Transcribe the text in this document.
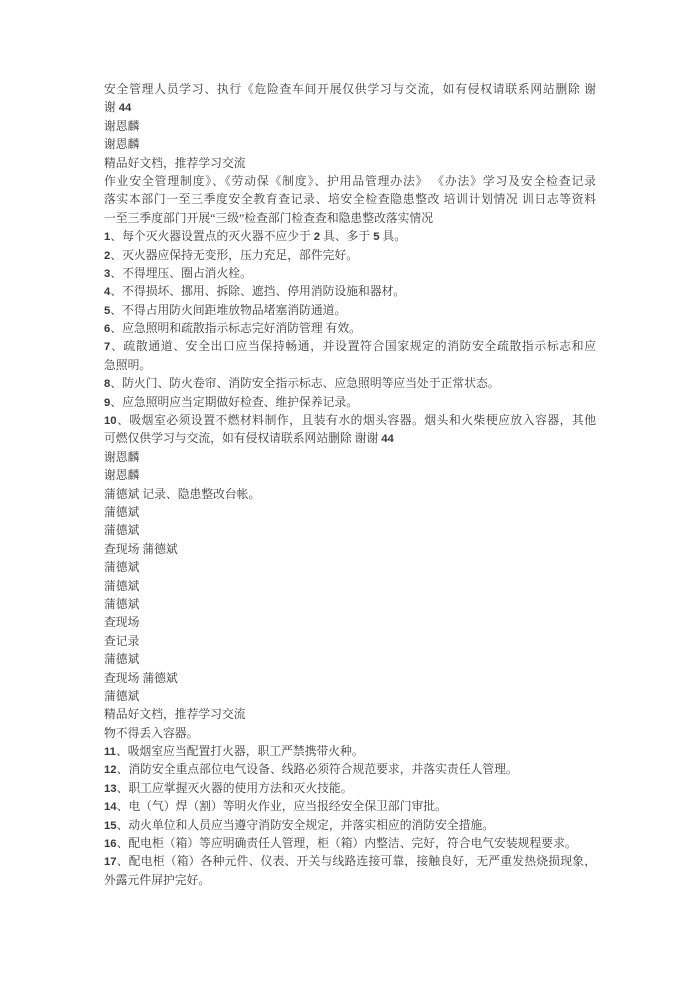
安全管理人员学习、执行《危险查车间开展仅供学习与交流，如有侵权请联系网站删除 谢
谢 44
谢恩麟
谢恩麟
精品好文档，推荐学习交流
作业安全管理制度》、《劳动保《制度》、护用品管理办法》 《办法》学习及安全检查记录
落实本部门一至三季度安全教育查记录、培安全检查隐患整改 培训计划情况 训日志等资料
一至三季度部门开展“三级”检查部门检查查和隐患整改落实情况
1、每个灭火器设置点的灭火器不应少于 2 具、多于 5 具。
2、灭火器应保持无变形，压力充足，部件完好。
3、不得埋压、圈占消火栓。
4、不得损坏、挪用、拆除、遮挡、停用消防设施和器材。
5、不得占用防火间距堆放物品堵塞消防通道。
6、应急照明和疏散指示标志完好消防管理 有效。
7、疏散通道、安全出口应当保持畅通，并设置符合国家规定的消防安全疏散指示标志和应
急照明。
8、防火门、防火卷帘、消防安全指示标志、应急照明等应当处于正常状态。
9、应急照明应当定期做好检查、维护保养记录。
10、吸烟室必须设置不燃材料制作，且装有水的烟头容器。烟头和火柴梗应放入容器，其他
可燃仅供学习与交流，如有侵权请联系网站删除 谢谢 44
谢恩麟
谢恩麟
蒲德斌 记录、隐患整改台帐。
蒲德斌
蒲德斌
查现场 蒲德斌
蒲德斌
蒲德斌
蒲德斌
查现场
查记录
蒲德斌
查现场 蒲德斌
蒲德斌
精品好文档，推荐学习交流
物不得丢入容器。
11、吸烟室应当配置打火器，职工严禁携带火种。
12、消防安全重点部位电气设备、线路必须符合规范要求，并落实责任人管理。
13、职工应掌握灭火器的使用方法和灭火技能。
14、电（气）焊（割）等明火作业，应当报经安全保卫部门审批。
15、动火单位和人员应当遵守消防安全规定，并落实相应的消防安全措施。
16、配电柜（箱）等应明确责任人管理，柜（箱）内整洁、完好，符合电气安装规程要求。
17、配电柜（箱）各种元件、仪表、开关与线路连接可靠，接触良好，无严重发热烧损现象，
外露元件屏护完好。
